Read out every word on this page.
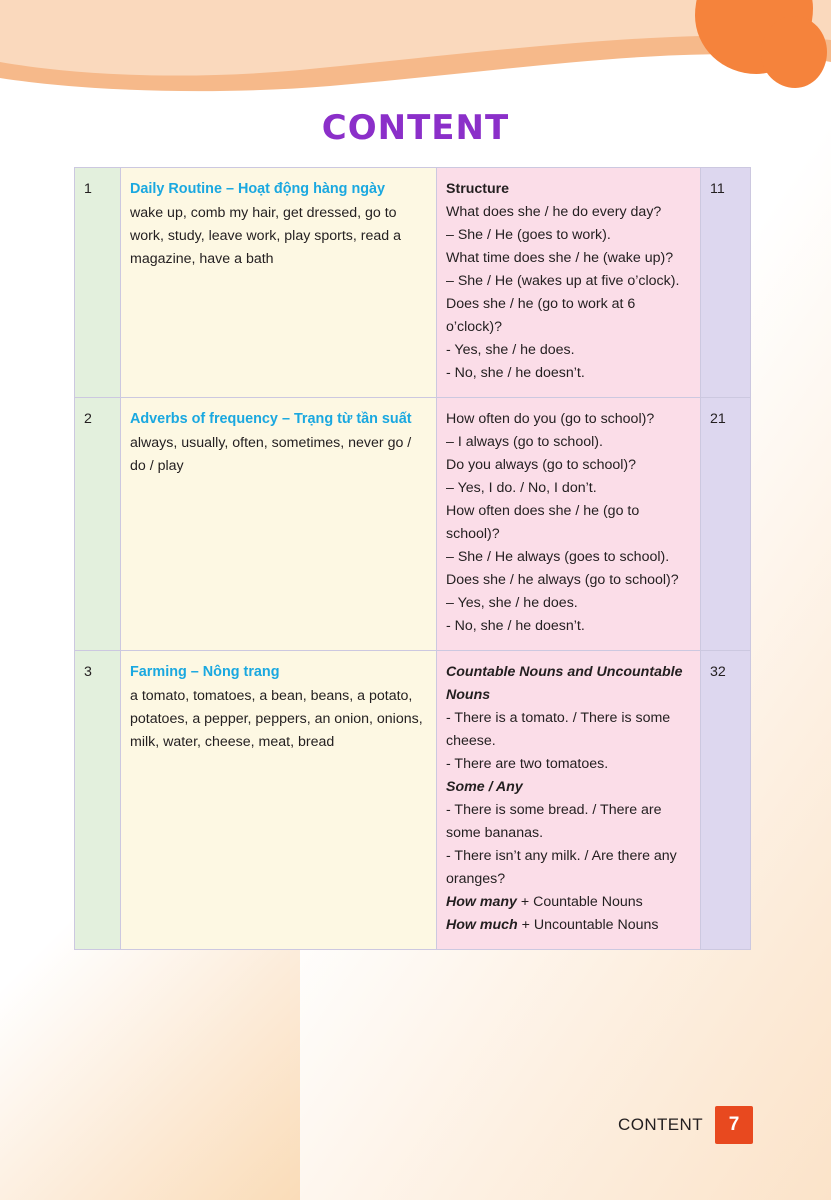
CONTENT
1	Daily Routine – Hoạt động hàng ngày
wake up, comb my hair, get dressed, go to work, study, leave work, play sports, read a magazine, have a bath

Structure
What does she / he do every day?
– She / He (goes to work).
What time does she / he (wake up)?
– She / He (wakes up at five o’clock).
Does she / he (go to work at 6 o’clock)?
- Yes, she / he does.
- No, she / he doesn’t.
	11
2	Adverbs of frequency – Trạng từ tần suất
always, usually, often, sometimes, never go / do / play

How often do you (go to school)?
– I always (go to school).
Do you always (go to school)?
– Yes, I do. / No, I don’t.
How often does she / he (go to school)?
– She / He always (goes to school).
Does she / he always (go to school)?
– Yes, she / he does.
- No, she / he doesn’t.
	21
3	Farming – Nông trang
a tomato, tomatoes, a bean, beans, a potato, potatoes, a pepper, peppers, an onion, onions, milk, water, cheese, meat, bread

Countable Nouns and Uncountable Nouns
- There is a tomato. / There is some cheese.
- There are two tomatoes.
Some / Any
- There is some bread. / There are some bananas.
- There isn’t any milk. / Are there any oranges?
How many + Countable Nouns
How much + Uncountable Nouns
	32
CONTENT	7
